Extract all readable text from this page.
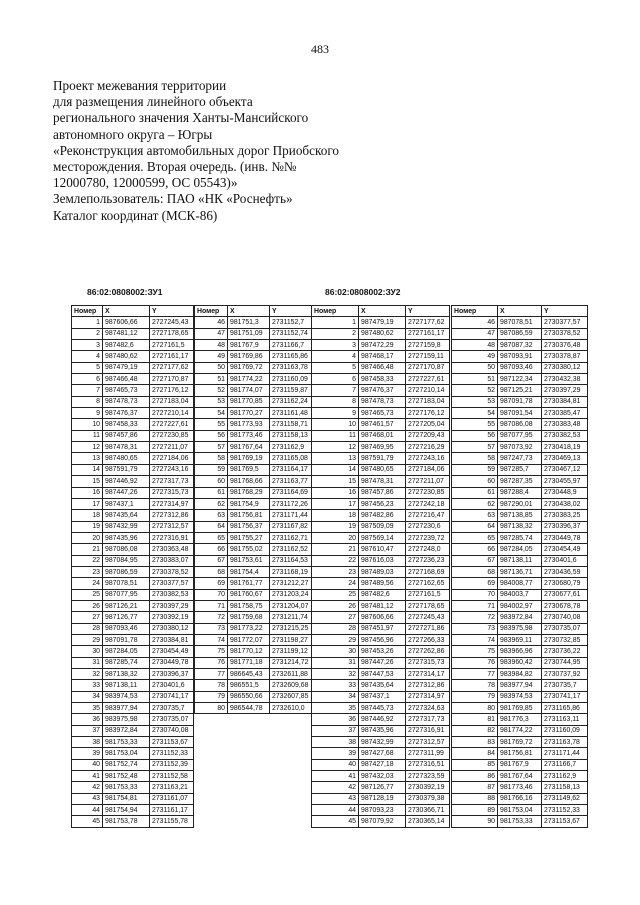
483
Проект межевания территории
для размещения линейного объекта
регионального значения Ханты-Мансийского
автономного округа – Югры
«Реконструкция автомобильных дорог Приобского
месторождения. Вторая очередь. (инв. №№
12000780, 12000599, ОС 05543)»
Землепользователь: ПАО «НК «Роснефть»
Каталог координат (МСК-86)
86:02:0808002:ЗУ1	86:02:0808002:ЗУ2
Номер	X	Y
1	987606,66	2727245,43
2	987481,12	2727178,65
3	987482,6	2727161,5
4	987480,62	2727161,17
5	987479,19	2727177,62
6	987466,48	2727170,87
7	987465,73	2727176,12
8	987478,73	2727183,04
9	987476,37	2727210,14
10	987458,33	2727227,61
11	987457,86	2727230,85
12	987478,31	2727211,07
13	987480,65	2727184,06
14	987591,79	2727243,16
15	987446,92	2727317,73
16	987447,26	2727315,73
17	987437,1	2727314,97
18	987435,64	2727312,86
19	987432,99	2727312,57
20	987435,96	2727316,91
21	987086,08	2730363,48
22	987084,95	2730383,07
23	987086,59	2730378,52
24	987078,51	2730377,57
25	987077,95	2730382,53
26	987126,21	2730397,29
27	987126,77	2730392,19
28	987093,46	2730380,12
29	987091,78	2730384,81
30	987284,05	2730454,49
31	987285,74	2730449,78
32	987138,32	2730396,37
33	987138,11	2730401,6
34	983974,53	2730741,17
35	983977,94	2730735,7
36	983975,98	2730735,07
37	983972,84	2730740,08
38	981753,33	2731153,67
39	981753,04	2731152,33
40	981752,74	2731152,39
41	981752,48	2731152,58
42	981753,33	2731163,21
43	981754,81	2731161,07
44	981754,94	2731161,17
45	981753,78	2731155,78
Номер	X	Y
46	981751,3	2731152,7
47	981751,09	2731152,74
48	981767,9	2731166,7
49	981769,86	2731165,86
50	981769,72	2731163,78
51	981774,22	2731160,09
52	981774,07	2731159,87
53	981770,85	2731162,24
54	981770,27	2731161,48
55	981773,93	2731158,71
56	981773,46	2731158,13
57	981767,64	2731162,9
58	981769,19	2731165,08
59	981769,5	2731164,17
60	981768,66	2731163,77
61	981768,29	2731164,69
62	981754,9	2731172,26
63	981756,81	2731171,44
64	981756,37	2731167,82
65	981755,27	2731162,71
66	981755,02	2731162,52
67	981753,61	2731164,53
68	981754,4	2731168,19
69	981761,77	2731212,27
70	981760,67	2731203,24
71	981758,75	2731204,07
72	981759,68	2731211,74
73	981773,22	2731215,25
74	981772,07	2731198,27
75	981770,12	2731199,12
76	981771,18	2731214,72
77	986645,43	2732611,88
78	986551,5	2732609,68
79	986550,66	2732607,85
80	986544,78	2732610,0
Номер	X	Y
1	987479,19	2727177,62
2	987480,62	2727161,17
3	987472,29	2727159,8
4	987468,17	2727159,11
5	987466,48	2727170,87
6	987458,33	2727227,61
7	987476,37	2727210,14
8	987478,73	2727183,04
9	987465,73	2727176,12
10	987461,57	2727205,04
11	987468,01	2727209,43
12	987469,95	2727216,29
13	987591,79	2727243,16
14	987480,65	2727184,06
15	987478,31	2727211,07
16	987457,86	2727230,85
17	987456,23	2727242,18
18	987482,86	2727216,47
19	987509,09	2727230,6
20	987569,14	2727239,72
21	987610,47	2727248,0
22	987616,03	2727236,23
23	987489,03	2727168,69
24	987489,56	2727162,65
25	987482,6	2727161,5
26	987481,12	2727178,65
27	987606,66	2727245,43
28	987451,97	2727271,86
29	987456,96	2727266,33
30	987453,26	2727262,86
31	987447,26	2727315,73
32	987447,53	2727314,17
33	987435,64	2727312,86
34	987437,1	2727314,97
35	987445,73	2727324,63
36	987446,92	2727317,73
37	987435,96	2727316,91
38	987432,99	2727312,57
39	987427,68	2727311,99
40	987427,18	2727316,51
41	987432,03	2727323,59
42	987126,77	2730392,19
43	987128,19	2730379,38
44	987093,23	2730366,71
45	987079,92	2730365,14
Номер	X	Y
46	987078,51	2730377,57
47	987086,59	2730378,52
48	987087,32	2730376,48
49	987093,91	2730378,87
50	987093,46	2730380,12
51	987122,34	2730432,38
52	987125,21	2730397,29
53	987091,78	2730384,81
54	987091,54	2730385,47
55	987086,08	2730383,48
56	987077,95	2730382,53
57	987073,92	2730418,19
58	987247,73	2730469,13
59	987285,7	2730467,12
60	987287,35	2730455,97
61	987288,4	2730448,9
62	987290,01	2730438,02
63	987138,85	2730383,25
64	987138,32	2730396,37
65	987285,74	2730449,78
66	987284,05	2730454,49
67	987138,11	2730401,6
68	987136,71	2730436,59
69	984008,77	2730680,79
70	984003,7	2730677,61
71	984002,97	2730678,78
72	983972,84	2730740,08
73	983975,98	2730735,07
74	983969,11	2730732,85
75	983966,96	2730736,22
76	983960,42	2730744,95
77	983984,82	2730737,92
78	983977,94	2730735,7
79	983974,53	2730741,17
80	981769,85	2731165,86
81	981776,3	2731163,11
82	981774,22	2731160,09
83	981769,72	2731163,78
84	981756,81	2731171,44
85	981767,9	2731166,7
86	981767,64	2731162,9
87	981773,46	2731158,13
88	981766,16	2731149,62
89	981753,04	2731152,33
90	981753,33	2731153,67
